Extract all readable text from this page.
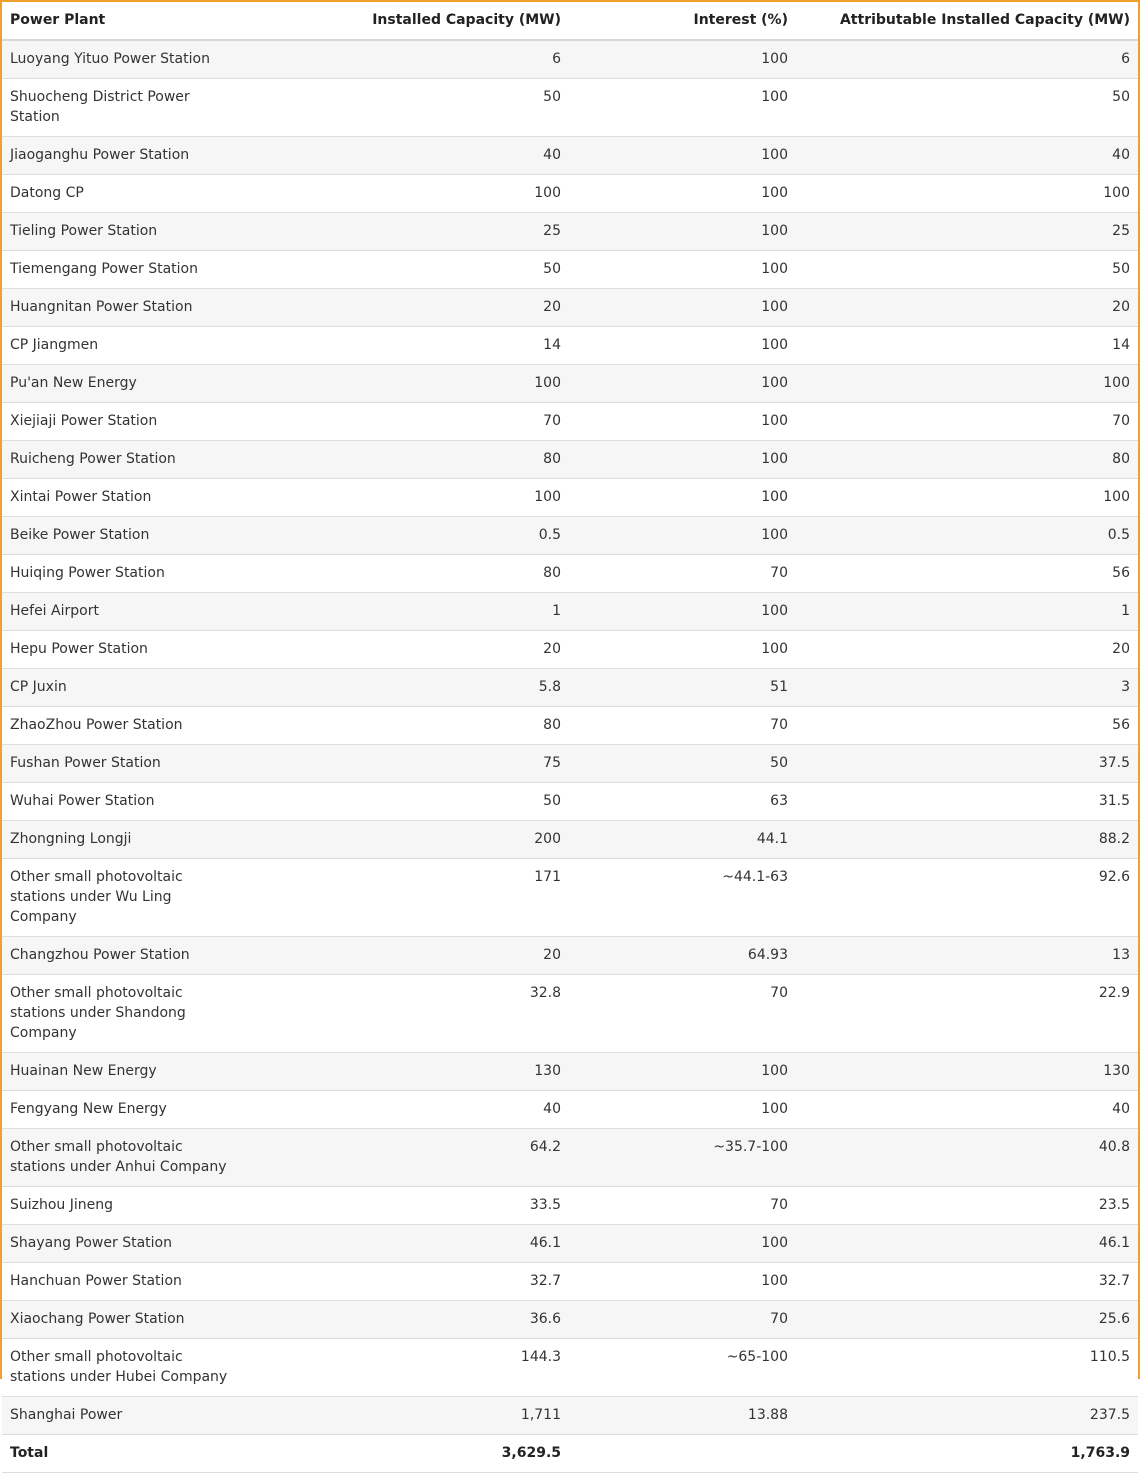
Power Plant	Installed Capacity (MW)	Interest (%)	Attributable Installed Capacity (MW)

Luoyang Yituo Power Station	6	100	6

Shuocheng District Power Station	50	100	50

Jiaoganghu Power Station	40	100	40

Datong CP	100	100	100

Tieling Power Station	25	100	25

Tiemengang Power Station	50	100	50

Huangnitan Power Station	20	100	20

CP Jiangmen	14	100	14

Pu'an New Energy	100	100	100

Xiejiaji Power Station	70	100	70

Ruicheng Power Station	80	100	80

Xintai Power Station	100	100	100

Beike Power Station	0.5	100	0.5

Huiqing Power Station	80	70	56

Hefei Airport	1	100	1

Hepu Power Station	20	100	20

CP Juxin	5.8	51	3

ZhaoZhou Power Station	80	70	56

Fushan Power Station	75	50	37.5

Wuhai Power Station	50	63	31.5

Zhongning Longji	200	44.1	88.2

Other small photovoltaic stations under Wu Ling Company	171	~44.1-63	92.6

Changzhou Power Station	20	64.93	13

Other small photovoltaic stations under Shandong Company	32.8	70	22.9

Huainan New Energy	130	100	130

Fengyang New Energy	40	100	40

Other small photovoltaic stations under Anhui Company	64.2	~35.7-100	40.8

Suizhou Jineng	33.5	70	23.5

Shayang Power Station	46.1	100	46.1

Hanchuan Power Station	32.7	100	32.7

Xiaochang Power Station	36.6	70	25.6

Other small photovoltaic stations under Hubei Company	144.3	~65-100	110.5

Shanghai Power	1,711	13.88	237.5
Total	3,629.5		1,763.9
